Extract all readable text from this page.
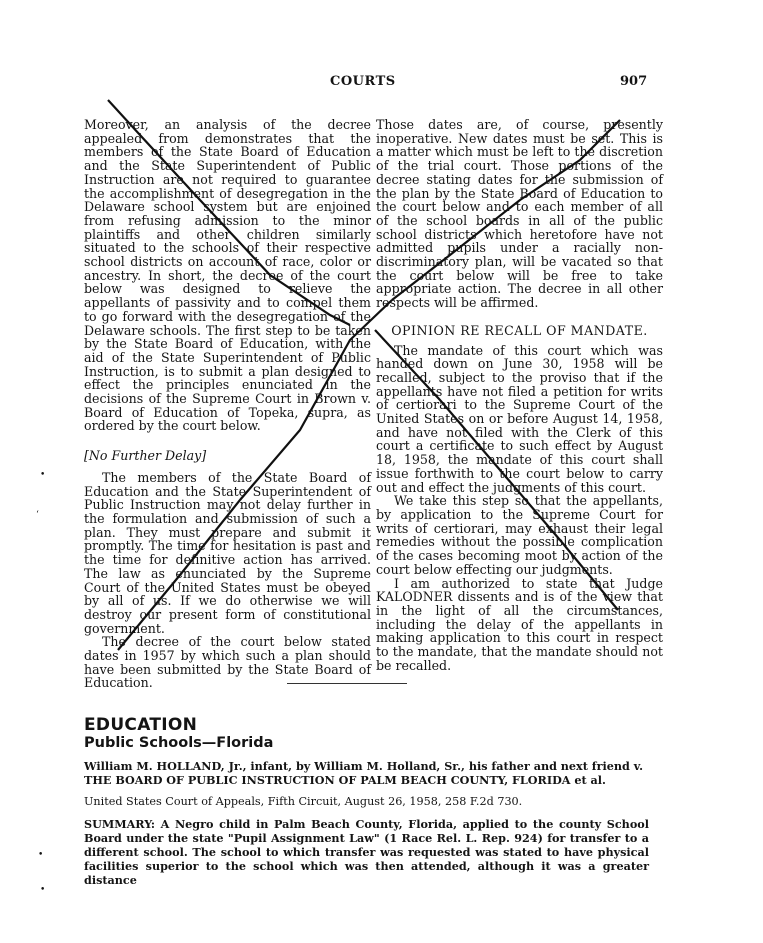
COURTS	907

Moreover, an analysis of the decree appealed from demonstrates that the members of the State Board of Education and the State Superintendent of Public Instruction are not required to guarantee the accomplishment of desegregation in the Delaware school system but are enjoined from refusing admission to the minor plaintiffs and other children similarly situated to the schools of their respective school districts on account of race, color or ancestry. In short, the decree of the court below was designed to relieve the appellants of passivity and to compel them to go forward with the desegregation of the Delaware schools. The first step to be taken by the State Board of Education, with the aid of the State Superintendent of Public Instruction, is to submit a plan designed to effect the principles enunciated in the decisions of the Supreme Court in Brown v. Board of Education of Topeka, supra, as ordered by the court below.

[No Further Delay]

The members of the State Board of Education and the State Superintendent of Public Instruction may not delay further in the formulation and submission of such a plan. They must prepare and submit it promptly. The time for hesitation is past and the time for definitive action has arrived. The law as enunciated by the Supreme Court of the United States must be obeyed by all of us. If we do otherwise we will destroy our present form of constitutional government.

The decree of the court below stated dates in 1957 by which such a plan should have been submitted by the State Board of Education.

Those dates are, of course, presently inoperative. New dates must be set. This is a matter which must be left to the discretion of the trial court. Those portions of the decree stating dates for the submission of the plan by the State Board of Education to the court below and to each member of all of the school boards in all of the public school districts which heretofore have not admitted pupils under a racially non-discriminatory plan, will be vacated so that the court below will be free to take appropriate action. The decree in all other respects will be affirmed.

OPINION RE RECALL OF MANDATE.

The mandate of this court which was handed down on June 30, 1958 will be recalled, subject to the proviso that if the appellants have not filed a petition for writs of certiorari to the Supreme Court of the United States on or before August 14, 1958, and have not filed with the Clerk of this court a certificate to such effect by August 18, 1958, the mandate of this court shall issue forthwith to the court below to carry out and effect the judgments of this court.

We take this step so that the appellants, by application to the Supreme Court for writs of certiorari, may exhaust their legal remedies without the possible complication of the cases becoming moot by action of the court below effecting our judgments.

I am authorized to state that Judge KALODNER dissents and is of the view that in the light of all the circumstances, including the delay of the appellants in making application to this court in respect to the mandate, that the mandate should not be recalled.

EDUCATION
Public Schools—Florida
William M. HOLLAND, Jr., infant, by William M. Holland, Sr., his father and next friend v. THE BOARD OF PUBLIC INSTRUCTION OF PALM BEACH COUNTY, FLORIDA et al.
United States Court of Appeals, Fifth Circuit, August 26, 1958, 258 F.2d 730.
SUMMARY: A Negro child in Palm Beach County, Florida, applied to the county School Board under the state "Pupil Assignment Law" (1 Race Rel. L. Rep. 924) for transfer to a different school. The school to which transfer was requested was stated to have physical facilities superior to the school which was then attended, although it was a greater distance
•
ʻ
•
•
